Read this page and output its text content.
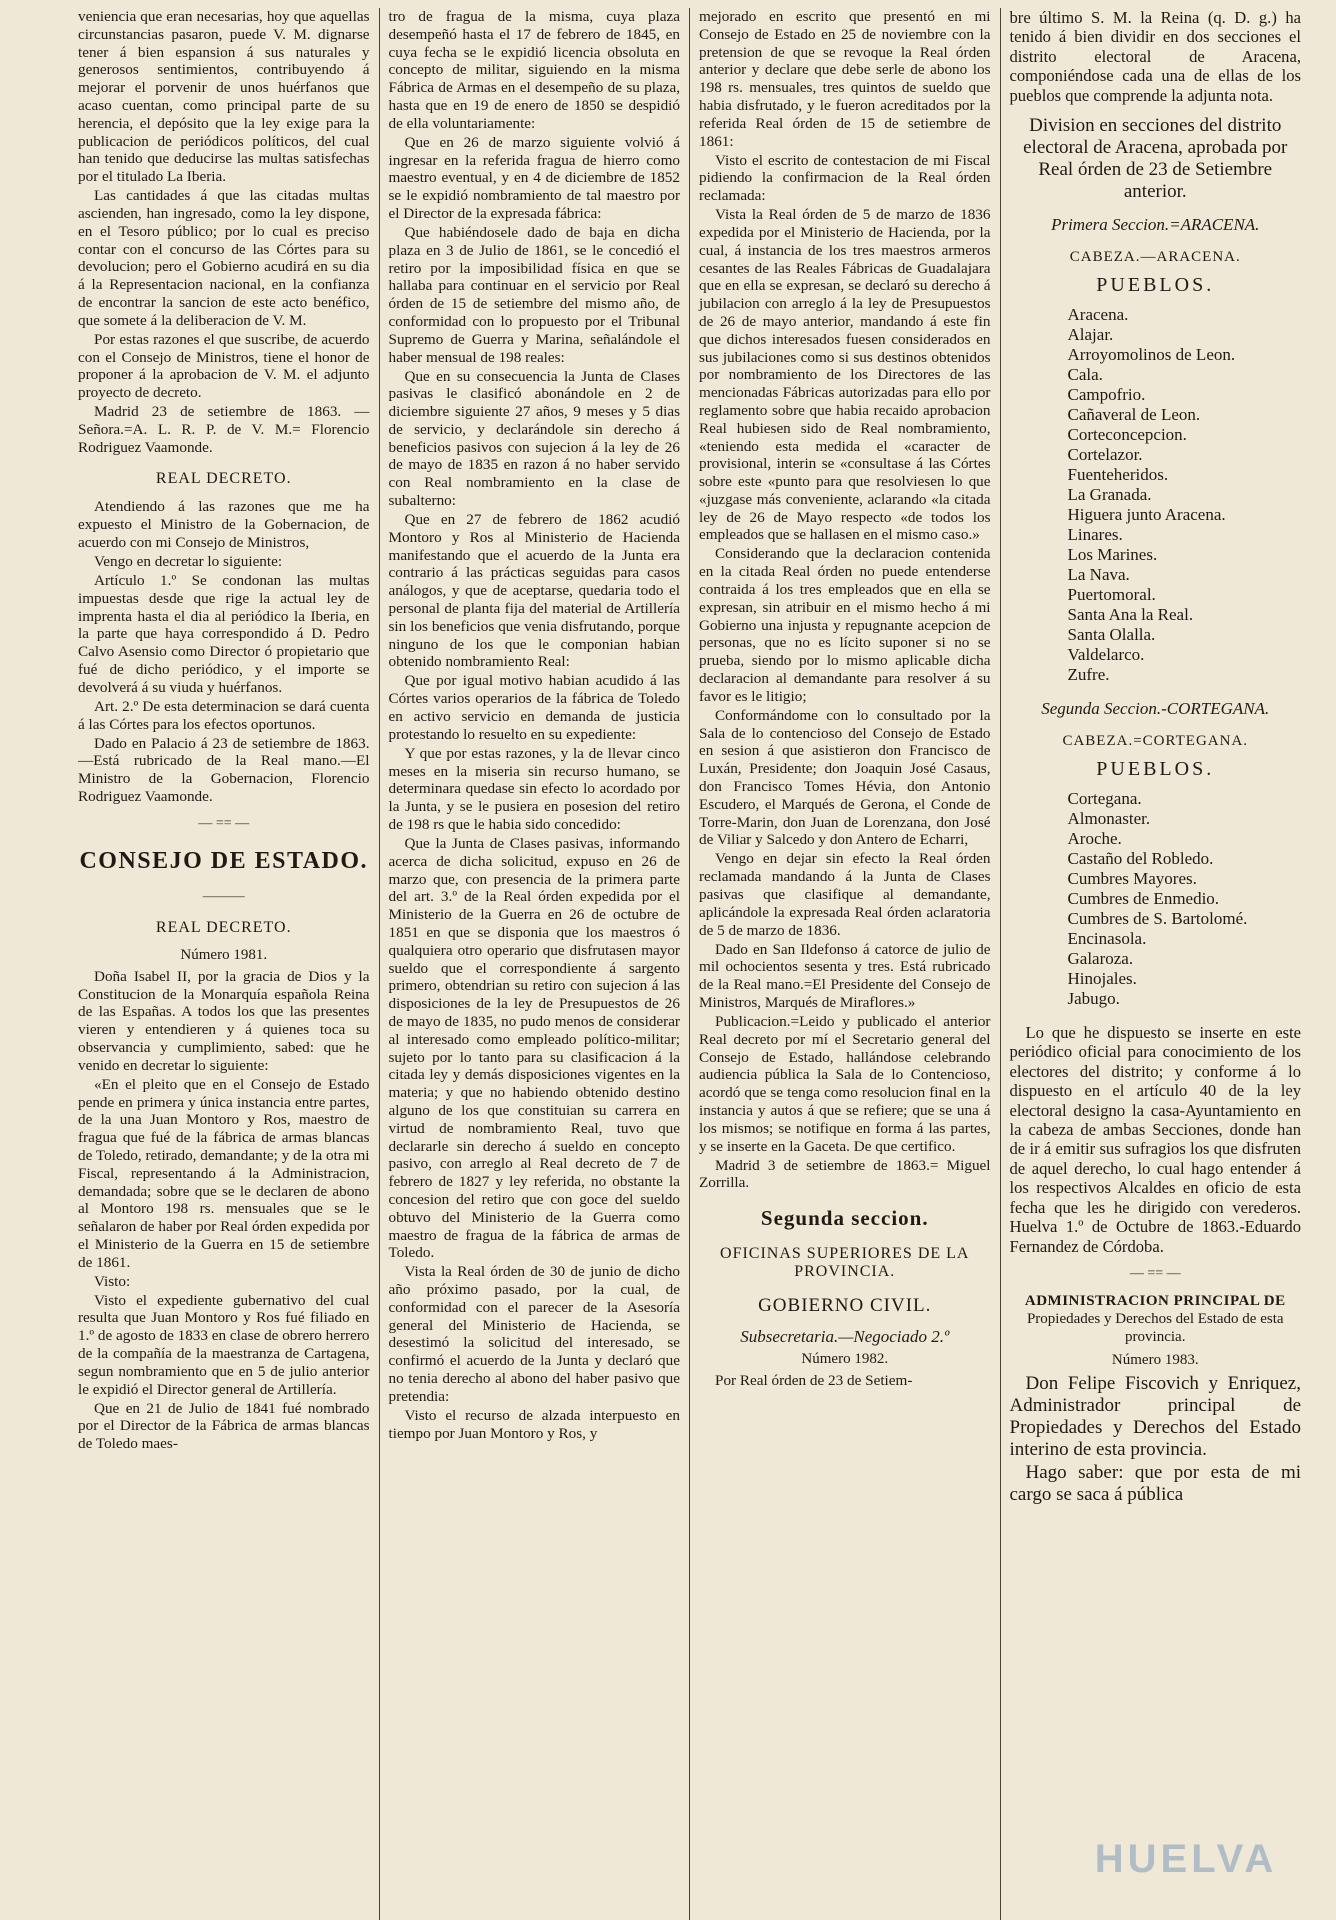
veniencia que eran necesarias, hoy que aquellas circunstancias pasaron, puede V. M. dignarse tener á bien espansion á sus naturales y generosos sentimientos, contribuyendo á mejorar el porvenir de unos huérfanos que acaso cuentan, como principal parte de su herencia, el depósito que la ley exige para la publicacion de periódicos políticos, del cual han tenido que deducirse las multas satisfechas por el titulado La Iberia.

Las cantidades á que las citadas multas ascienden, han ingresado, como la ley dispone, en el Tesoro público; por lo cual es preciso contar con el concurso de las Córtes para su devolucion; pero el Gobierno acudirá en su dia á la Representacion nacional, en la confianza de encontrar la sancion de este acto benéfico, que somete á la deliberacion de V. M.

Por estas razones el que suscribe, de acuerdo con el Consejo de Ministros, tiene el honor de proponer á la aprobacion de V. M. el adjunto proyecto de decreto.

Madrid 23 de setiembre de 1863. —Señora.=A. L. R. P. de V. M.= Florencio Rodriguez Vaamonde.

REAL DECRETO.

Atendiendo á las razones que me ha expuesto el Ministro de la Gobernacion, de acuerdo con mi Consejo de Ministros,

Vengo en decretar lo siguiente:

Artículo 1.º Se condonan las multas impuestas desde que rige la actual ley de imprenta hasta el dia al periódico la Iberia, en la parte que haya correspondido á D. Pedro Calvo Asensio como Director ó propietario que fué de dicho periódico, y el importe se devolverá á su viuda y huérfanos.

Art. 2.º De esta determinacion se dará cuenta á las Córtes para los efectos oportunos.

Dado en Palacio á 23 de setiembre de 1863.—Está rubricado de la Real mano.—El Ministro de la Gobernacion, Florencio Rodriguez Vaamonde.

— == —
CONSEJO DE ESTADO.
———
REAL DECRETO.
Número 1981.

Doña Isabel II, por la gracia de Dios y la Constitucion de la Monarquía española Reina de las Españas. A todos los que las presentes vieren y entendieren y á quienes toca su observancia y cumplimiento, sabed: que he venido en decretar lo siguiente:

«En el pleito que en el Consejo de Estado pende en primera y única instancia entre partes, de la una Juan Montoro y Ros, maestro de fragua que fué de la fábrica de armas blancas de Toledo, retirado, demandante; y de la otra mi Fiscal, representando á la Administracion, demandada; sobre que se le declaren de abono al Montoro 198 rs. mensuales que se le señalaron de haber por Real órden expedida por el Ministerio de la Guerra en 15 de setiembre de 1861.

Visto:

Visto el expediente gubernativo del cual resulta que Juan Montoro y Ros fué filiado en 1.º de agosto de 1833 en clase de obrero herrero de la compañía de la maestranza de Cartagena, segun nombramiento que en 5 de julio anterior le expidió el Director general de Artillería.

Que en 21 de Julio de 1841 fué nombrado por el Director de la Fábrica de armas blancas de Toledo maes-

tro de fragua de la misma, cuya plaza desempeñó hasta el 17 de febrero de 1845, en cuya fecha se le expidió licencia obsoluta en concepto de militar, siguiendo en la misma Fábrica de Armas en el desempeño de su plaza, hasta que en 19 de enero de 1850 se despidió de ella voluntariamente:

Que en 26 de marzo siguiente volvió á ingresar en la referida fragua de hierro como maestro eventual, y en 4 de diciembre de 1852 se le expidió nombramiento de tal maestro por el Director de la expresada fábrica:

Que habiéndosele dado de baja en dicha plaza en 3 de Julio de 1861, se le concedió el retiro por la imposibilidad física en que se hallaba para continuar en el servicio por Real órden de 15 de setiembre del mismo año, de conformidad con lo propuesto por el Tribunal Supremo de Guerra y Marina, señalándole el haber mensual de 198 reales:

Que en su consecuencia la Junta de Clases pasivas le clasificó abonándole en 2 de diciembre siguiente 27 años, 9 meses y 5 dias de servicio, y declarándole sin derecho á beneficios pasivos con sujecion á la ley de 26 de mayo de 1835 en razon á no haber servido con Real nombramiento en la clase de subalterno:

Que en 27 de febrero de 1862 acudió Montoro y Ros al Ministerio de Hacienda manifestando que el acuerdo de la Junta era contrario á las prácticas seguidas para casos análogos, y que de aceptarse, quedaria todo el personal de planta fija del material de Artillería sin los beneficios que venia disfrutando, porque ninguno de los que le componian habian obtenido nombramiento Real:

Que por igual motivo habian acudido á las Córtes varios operarios de la fábrica de Toledo en activo servicio en demanda de justicia protestando lo resuelto en su expediente:

Y que por estas razones, y la de llevar cinco meses en la miseria sin recurso humano, se determinara quedase sin efecto lo acordado por la Junta, y se le pusiera en posesion del retiro de 198 rs que le habia sido concedido:

Que la Junta de Clases pasivas, informando acerca de dicha solicitud, expuso en 26 de marzo que, con presencia de la primera parte del art. 3.º de la Real órden expedida por el Ministerio de la Guerra en 26 de octubre de 1851 en que se disponia que los maestros ó qualquiera otro operario que disfrutasen mayor sueldo que el correspondiente á sargento primero, obtendrian su retiro con sujecion á las disposiciones de la ley de Presupuestos de 26 de mayo de 1835, no pudo menos de considerar al interesado como empleado político-militar; sujeto por lo tanto para su clasificacion á la citada ley y demás disposiciones vigentes en la materia; y que no habiendo obtenido destino alguno de los que constituian su carrera en virtud de nombramiento Real, tuvo que declararle sin derecho á sueldo en concepto pasivo, con arreglo al Real decreto de 7 de febrero de 1827 y ley referida, no obstante la concesion del retiro que con goce del sueldo obtuvo del Ministerio de la Guerra como maestro de fragua de la fábrica de armas de Toledo.

Vista la Real órden de 30 de junio de dicho año próximo pasado, por la cual, de conformidad con el parecer de la Asesoría general del Ministerio de Hacienda, se desestimó la solicitud del interesado, se confirmó el acuerdo de la Junta y declaró que no tenia derecho al abono del haber pasivo que pretendia:

Visto el recurso de alzada interpuesto en tiempo por Juan Montoro y Ros, y

mejorado en escrito que presentó en mi Consejo de Estado en 25 de noviembre con la pretension de que se revoque la Real órden anterior y declare que debe serle de abono los 198 rs. mensuales, tres quintos de sueldo que habia disfrutado, y le fueron acreditados por la referida Real órden de 15 de setiembre de 1861:

Visto el escrito de contestacion de mi Fiscal pidiendo la confirmacion de la Real órden reclamada:

Vista la Real órden de 5 de marzo de 1836 expedida por el Ministerio de Hacienda, por la cual, á instancia de los tres maestros armeros cesantes de las Reales Fábricas de Guadalajara que en ella se expresan, se declaró su derecho á jubilacion con arreglo á la ley de Presupuestos de 26 de mayo anterior, mandando á este fin que dichos interesados fuesen considerados en sus jubilaciones como si sus destinos obtenidos por nombramiento de los Directores de las mencionadas Fábricas autorizadas para ello por reglamento sobre que habia recaido aprobacion Real hubiesen sido de Real nombramiento, «teniendo esta medida el «caracter de provisional, interin se «consultase á las Córtes sobre este «punto para que resolviesen lo que «juzgase más conveniente, aclarando «la citada ley de 26 de Mayo respecto «de todos los empleados que se hallasen en el mismo caso.»

Considerando que la declaracion contenida en la citada Real órden no puede entenderse contraida á los tres empleados que en ella se expresan, sin atribuir en el mismo hecho á mi Gobierno una injusta y repugnante acepcion de personas, que no es lícito suponer si no se prueba, siendo por lo mismo aplicable dicha declaracion al demandante para resolver á su favor es le litigio;

Conformándome con lo consultado por la Sala de lo contencioso del Consejo de Estado en sesion á que asistieron don Francisco de Luxán, Presidente; don Joaquin José Casaus, don Francisco Tomes Hévia, don Antonio Escudero, el Marqués de Gerona, el Conde de Torre-Marin, don Juan de Lorenzana, don José de Viliar y Salcedo y don Antero de Echarri,

Vengo en dejar sin efecto la Real órden reclamada mandando á la Junta de Clases pasivas que clasifique al demandante, aplicándole la expresada Real órden aclaratoria de 5 de marzo de 1836.

Dado en San Ildefonso á catorce de julio de mil ochocientos sesenta y tres. Está rubricado de la Real mano.=El Presidente del Consejo de Ministros, Marqués de Miraflores.»

Publicacion.=Leido y publicado el anterior Real decreto por mí el Secretario general del Consejo de Estado, hallándose celebrando audiencia pública la Sala de lo Contencioso, acordó que se tenga como resolucion final en la instancia y autos á que se refiere; que se una á los mismos; se notifique en forma á las partes, y se inserte en la Gaceta. De que certifico.

Madrid 3 de setiembre de 1863.= Miguel Zorrilla.

Segunda seccion.
OFICINAS SUPERIORES DE LA PROVINCIA.
GOBIERNO CIVIL.
Subsecretaria.—Negociado 2.º
Número 1982.

Por Real órden de 23 de Setiem-

bre último S. M. la Reina (q. D. g.) ha tenido á bien dividir en dos secciones el distrito electoral de Aracena, componiéndose cada una de ellas de los pueblos que comprende la adjunta nota.

Division en secciones del distrito electoral de Aracena, aprobada por Real órden de 23 de Setiembre anterior.
Primera Seccion.=ARACENA.
CABEZA.—ARACENA.
PUEBLOS.
Aracena.
Alajar.
Arroyomolinos de Leon.
Cala.
Campofrio.
Cañaveral de Leon.
Corteconcepcion.
Cortelazor.
Fuenteheridos.
La Granada.
Higuera junto Aracena.
Linares.
Los Marines.
La Nava.
Puertomoral.
Santa Ana la Real.
Santa Olalla.
Valdelarco.
Zufre.
Segunda Seccion.-CORTEGANA.
CABEZA.=CORTEGANA.
PUEBLOS.
Cortegana.
Almonaster.
Aroche.
Castaño del Robledo.
Cumbres Mayores.
Cumbres de Enmedio.
Cumbres de S. Bartolomé.
Encinasola.
Galaroza.
Hinojales.
Jabugo.

Lo que he dispuesto se inserte en este periódico oficial para conocimiento de los electores del distrito; y conforme á lo dispuesto en el artículo 40 de la ley electoral designo la casa-Ayuntamiento en la cabeza de ambas Secciones, donde han de ir á emitir sus sufragios los que disfruten de aquel derecho, lo cual hago entender á los respectivos Alcaldes en oficio de esta fecha que les he dirigido con verederos. Huelva 1.º de Octubre de 1863.-Eduardo Fernandez de Córdoba.

— == —
ADMINISTRACION PRINCIPAL DE
Propiedades y Derechos del Estado de esta provincia.
Número 1983.

Don Felipe Fiscovich y Enriquez, Administrador principal de Propiedades y Derechos del Estado interino de esta provincia.

Hago saber: que por esta de mi cargo se saca á pública

HUELVA
